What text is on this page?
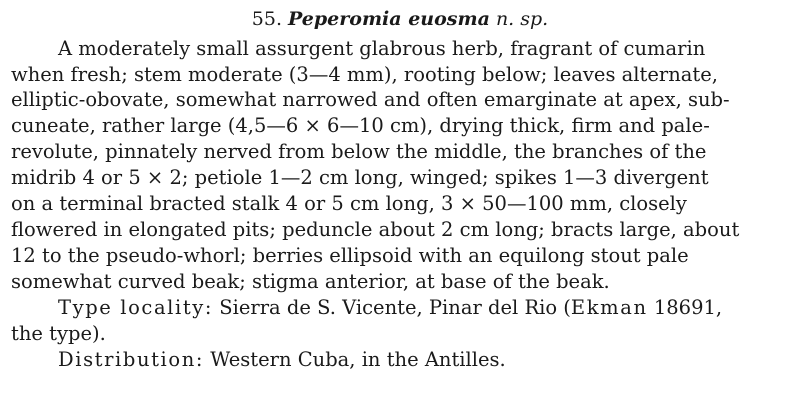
55. Peperomia euosma n. sp.
A moderately small assurgent glabrous herb, fragrant of cumarin
when fresh; stem moderate (3—4 mm), rooting below; leaves alternate,
elliptic-obovate, somewhat narrowed and often emarginate at apex, sub-
cuneate, rather large (4,5—6 × 6—10 cm), drying thick, firm and pale-
revolute, pinnately nerved from below the middle, the branches of the
midrib 4 or 5 × 2; petiole 1—2 cm long, winged; spikes 1—3 divergent
on a terminal bracted stalk 4 or 5 cm long, 3 × 50—100 mm, closely
flowered in elongated pits; peduncle about 2 cm long; bracts large, about
12 to the pseudo-whorl; berries ellipsoid with an equilong stout pale
somewhat curved beak; stigma anterior, at base of the beak.
Type locality: Sierra de S. Vicente, Pinar del Rio (Ekman 18691,
the type).
Distribution: Western Cuba, in the Antilles.
